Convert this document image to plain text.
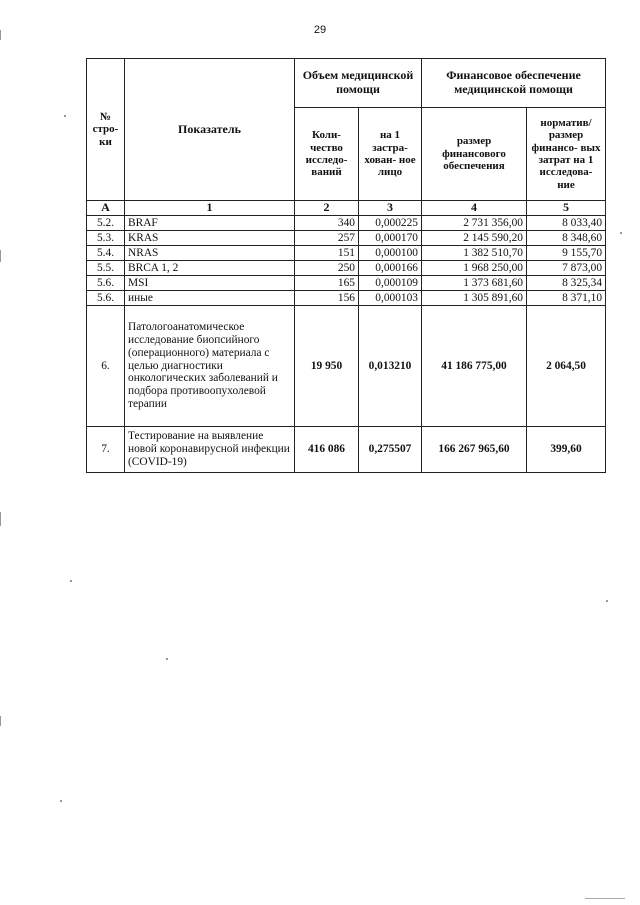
29
№ стро- ки	Показатель	Объем медицинской помощи		Финансовое обеспечение медицинской помощи	
		Коли- чество исследо- ваний	на 1 застра- хован- ное лицо	размер финансового обеспечения	норматив/ размер финансо- вых затрат на 1 исследова- ние
А	1	2	3	4	5
5.2.	BRAF	340	0,000225	2 731 356,00	8 033,40
5.3.	KRAS	257	0,000170	2 145 590,20	8 348,60
5.4.	NRAS	151	0,000100	1 382 510,70	9 155,70
5.5.	BRCA 1, 2	250	0,000166	1 968 250,00	7 873,00
5.6.	MSI	165	0,000109	1 373 681,60	8 325,34
5.6.	иные	156	0,000103	1 305 891,60	8 371,10
6.	Патологоанатомическое исследование биопсийного (операционного) материала с целью диагностики онкологических заболеваний и подбора противоопухолевой терапии	19 950	0,013210	41 186 775,00	2 064,50
7.	Тестирование на выявление новой коронавирусной инфекции (COVID-19)	416 086	0,275507	166 267 965,60	399,60
